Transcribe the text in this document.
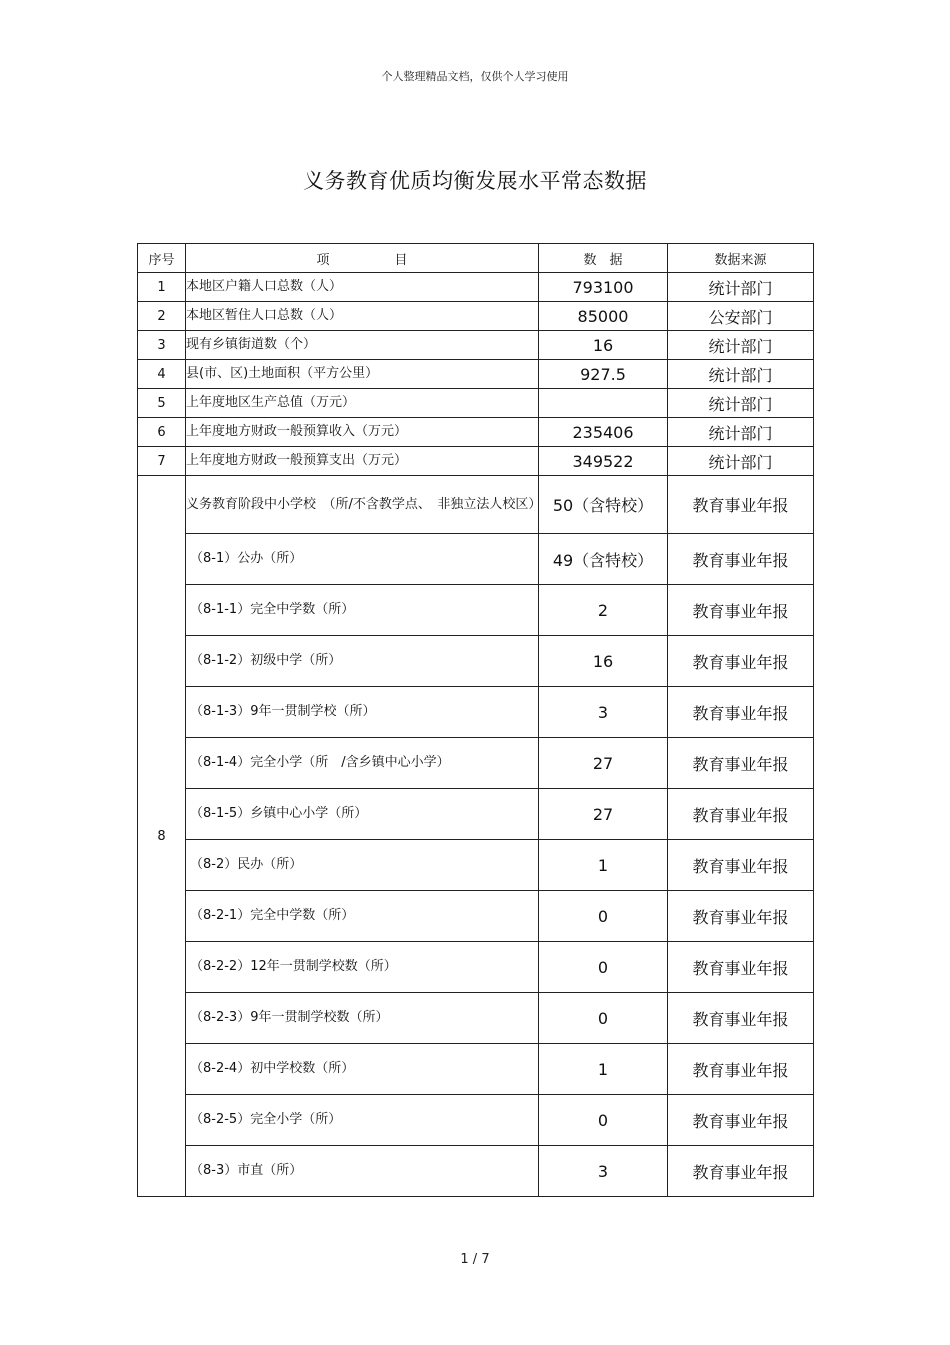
个人整理精品文档，仅供个人学习使用
义务教育优质均衡发展水平常态数据
序号	项　　　　　目	数　据	数据来源
1	本地区户籍人口总数（人）	793100	统计部门
2	本地区暂住人口总数（人）	85000	公安部门
3	现有乡镇街道数（个）	16	统计部门
4	县(市、区)土地面积（平方公里）	927.5	统计部门
5	上年度地区生产总值（万元）		统计部门
6	上年度地方财政一般预算收入（万元）	235406	统计部门
7	上年度地方财政一般预算支出（万元）	349522	统计部门
8	义务教育阶段中小学校　（所/不含教学点、　非独立法人校区）	50（含特校）	教育事业年报
	（8-1）公办（所）	49（含特校）	教育事业年报
	（8-1-1）完全中学数（所）	2	教育事业年报
	（8-1-2）初级中学（所）	16	教育事业年报
	（8-1-3）9年一贯制学校（所）	3	教育事业年报
	（8-1-4）完全小学（所　/含乡镇中心小学）	27	教育事业年报
	（8-1-5）乡镇中心小学（所）	27	教育事业年报
	（8-2）民办（所）	1	教育事业年报
	（8-2-1）完全中学数（所）	0	教育事业年报
	（8-2-2）12年一贯制学校数（所）	0	教育事业年报
	（8-2-3）9年一贯制学校数（所）	0	教育事业年报
	（8-2-4）初中学校数（所）	1	教育事业年报
	（8-2-5）完全小学（所）	0	教育事业年报
	（8-3）市直（所）	3	教育事业年报
1 / 7
